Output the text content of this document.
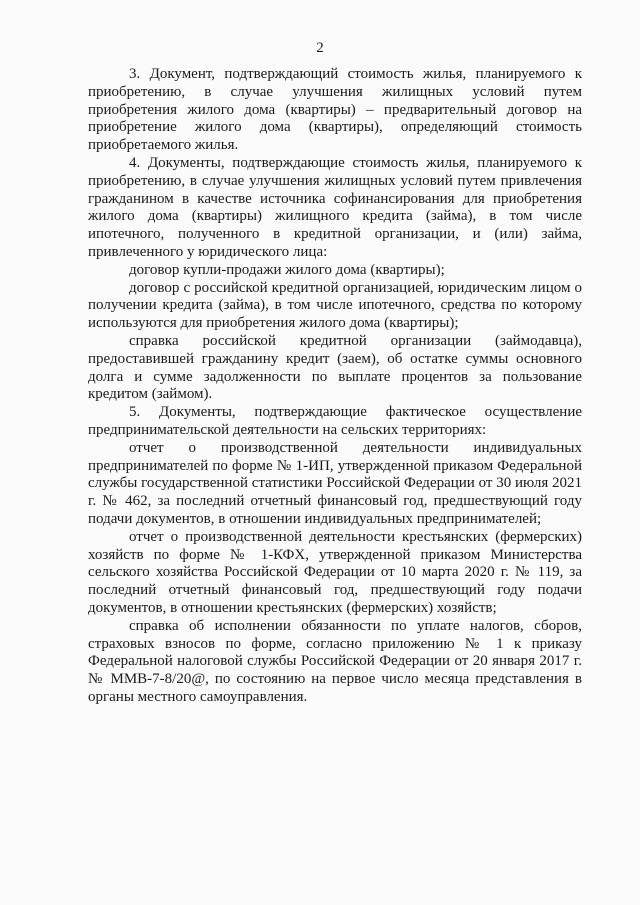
2

3. Документ, подтверждающий стоимость жилья, планируемого к приобретению, в случае улучшения жилищных условий путем приобретения жилого дома (квартиры) – предварительный договор на приобретение жилого дома (квартиры), определяющий стоимость приобретаемого жилья.

4. Документы, подтверждающие стоимость жилья, планируемого к приобретению, в случае улучшения жилищных условий путем привлечения гражданином в качестве источника софинансирования для приобретения жилого дома (квартиры) жилищного кредита (займа), в том числе ипотечного, полученного в кредитной организации, и (или) займа, привлеченного у юридического лица:

договор купли-продажи жилого дома (квартиры);

договор с российской кредитной организацией, юридическим лицом о получении кредита (займа), в том числе ипотечного, средства по которому используются для приобретения жилого дома (квартиры);

справка российской кредитной организации (займодавца), предоставившей гражданину кредит (заем), об остатке суммы основного долга и сумме задолженности по выплате процентов за пользование кредитом (займом).

5. Документы, подтверждающие фактическое осуществление предпринимательской деятельности на сельских территориях:

отчет о производственной деятельности индивидуальных предпринимателей по форме № 1-ИП, утвержденной приказом Федеральной службы государственной статистики Российской Федерации от 30 июля 2021 г. № 462, за последний отчетный финансовый год, предшествующий году подачи документов, в отношении индивидуальных предпринимателей;

отчет о производственной деятельности крестьянских (фермерских) хозяйств по форме № 1-КФХ, утвержденной приказом Министерства сельского хозяйства Российской Федерации от 10 марта 2020 г. № 119, за последний отчетный финансовый год, предшествующий году подачи документов, в отношении крестьянских (фермерских) хозяйств;

справка об исполнении обязанности по уплате налогов, сборов, страховых взносов по форме, согласно приложению № 1 к приказу Федеральной налоговой службы Российской Федерации от 20 января 2017 г. № ММВ-7-8/20@, по состоянию на первое число месяца представления в органы местного самоуправления.
